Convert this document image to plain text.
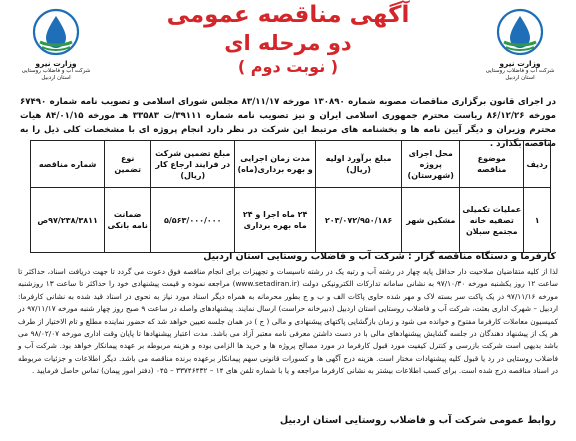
وزارت نیرو
شرکت آب و فاضلاب روستایی
استان اردبیل
وزارت نیرو
شرکت آب و فاضلاب روستایی
استان اردبیل
آگهی مناقصه عمومی
دو مرحله ای
( نوبت دوم )
در اجرای قانون برگزاری مناقصات مصوبه شماره ۱۳۰۸۹۰ مورخه ۸۳/۱۱/۱۷ مجلس شورای اسلامی و تصویب نامه شماره ۶۷۴۹۰ مورخه ۸۶/۱۲/۲۶ ریاست محترم جمهوری اسلامی ایران و نیز تصویب نامه شماره ۳۹۱۱۱/ت ۳۳۵۸۳ هـ مورخه ۸۴/۰۱/۱۵ هیات محترم وزیران و دیگر آیین نامه ها و بخشنامه های مرتبط این شرکت در نظر دارد انجام پروژه ای با مشخصات کلی ذیل را به مناقصه بگذارد .
ردیف	موضوع مناقصه	محل اجرای پروژه (شهرستان)	مبلغ برآورد اولیه (ریال)	مدت زمان اجرایی و بهره برداری(ماه)	مبلغ تضمین شرکت در فرایند ارجاع کار (ریال)	نوع تضمین	شماره مناقصه
۱	عملیات تکمیلی تصفیه خانه مجتمع سبلان	مشکین شهر	۲۰۳/۰۷۲/۹۵۰/۱۸۶	۲۴ ماه اجرا و ۲۴ ماه بهره برداری	۵/۵۶۳/۰۰۰/۰۰۰	ضمانت نامه بانکی	۹۷/۲۳۸/۳۸۱۱ص
کارفرما و دستگاه مناقصه گزار : شرکت آب و فاضلاب روستایی استان اردبیل
لذا از کلیه متقاضیان صلاحیت دار حداقل پایه چهار در رشته آب و رتبه یک در رشته تاسیسات و تجهیزات برای انجام مناقصه فوق دعوت می گردد تا جهت دریافت اسناد، حداکثر تا ساعت ۱۲ روز یکشنبه مورخه ۹۷/۱۰/۳۰ به نشانی سامانه تدارکات الکترونیکی دولت (www.setadiran.ir) مراجعه نموده و قیمت پیشنهادی خود را حداکثر تا ساعت ۱۳ روزشنبه مورخه ۹۷/۱۱/۱۶ در یک پاکت سر بسته لاک و مهر شده حاوی پاکات الف و ب و ج بطور محرمانه به همراه دیگر اسناد مورد نیاز به نحوی در اسناد قید شده به نشانی کارفرما: اردبیل – شهرک اداری بعثت، شرکت آب و فاضلاب روستایی استان اردبیل (دبیرخانه حراست) ارسال نمایند. پیشنهادهای واصله در ساعت ۹ صبح روز چهار شنبه مورخه ۹۷/۱۱/۱۷ در کمیسیون معاملات کارفرما مفتوح و خوانده می شود و زمان بازگشایی پاکتهای پیشنهادی و مالی ( ج ) در همان جلسه تعیین خواهد شد که حضور نماینده مطلع و تام الاختیار از طرف هر یک از پیشنهاد دهندگان در جلسه گشایش پیشنهادهای مالی با در دست داشتن معرفی نامه معتبر آزاد می باشد. مدت اعتبار پیشنهادها تا پایان وقت اداری مورخه ۹۸/۰۲/۰۷ می باشد بدیهی است شرکت بازرسی و کنترل کیفیت مورد قبول کارفرما در مورد مصالح پروژه ها و خرید ها الزامی بوده و هزینه مربوطه بر عهده پیمانکار خواهد بود. شرکت آب و فاضلاب روستایی در رد یا قبول کلیه پیشنهادات مختار است. هزینه درج آگهی ها و کسورات قانونی سهم پیمانکار برعهده برنده مناقصه می باشد. دیگر اطلاعات و جزئیات مربوطه در اسناد مناقصه درج شده است. برای کسب اطلاعات بیشتر به نشانی کارفرما مراجعه و یا با شماره تلفن های ۱۴ – ۳۳۷۴۶۴۳۲ – ۰۴۵ (دفتر امور پیمان) تماس حاصل فرمایید .
روابط عمومی شرکت آب و فاضلاب روستایی استان اردبیل
